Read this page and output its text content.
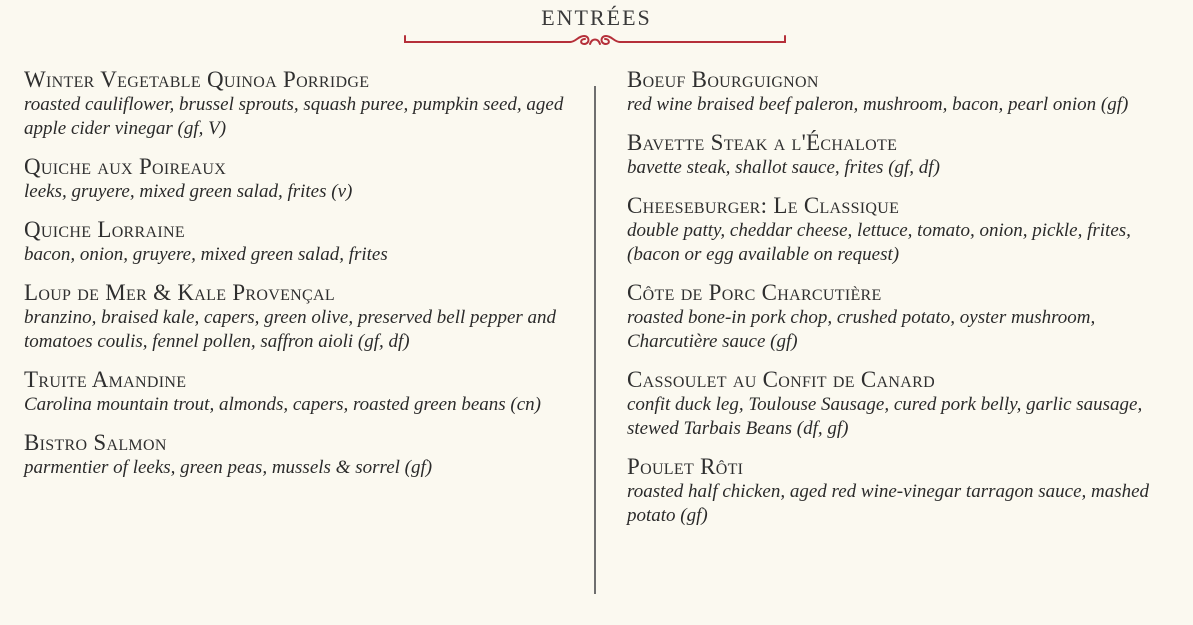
ENTRÉES
Winter Vegetable Quinoa Porridge
roasted cauliflower, brussel sprouts, squash puree, pumpkin seed, aged apple cider vinegar (gf, V)
Quiche aux Poireaux
leeks, gruyere, mixed green salad, frites (v)
Quiche Lorraine
bacon, onion, gruyere, mixed green salad, frites
Loup de Mer & Kale Provençal
branzino, braised kale, capers, green olive, preserved bell pepper and tomatoes coulis, fennel pollen, saffron aioli (gf, df)
Truite Amandine
Carolina mountain trout, almonds, capers, roasted green beans (cn)
Bistro Salmon
parmentier of leeks, green peas, mussels & sorrel (gf)
Boeuf Bourguignon
red wine braised beef paleron, mushroom, bacon, pearl onion (gf)
Bavette Steak a l'Échalote
bavette steak, shallot sauce, frites (gf, df)
Cheeseburger: Le Classique
double patty, cheddar cheese, lettuce, tomato, onion, pickle, frites, (bacon or egg available on request)
Côte de Porc Charcutière
roasted bone-in pork chop, crushed potato, oyster mushroom, Charcutière sauce (gf)
Cassoulet au Confit de Canard
confit duck leg, Toulouse Sausage, cured pork belly, garlic sausage, stewed Tarbais Beans (df, gf)
Poulet Rôti
roasted half chicken, aged red wine-vinegar tarragon sauce, mashed potato (gf)
